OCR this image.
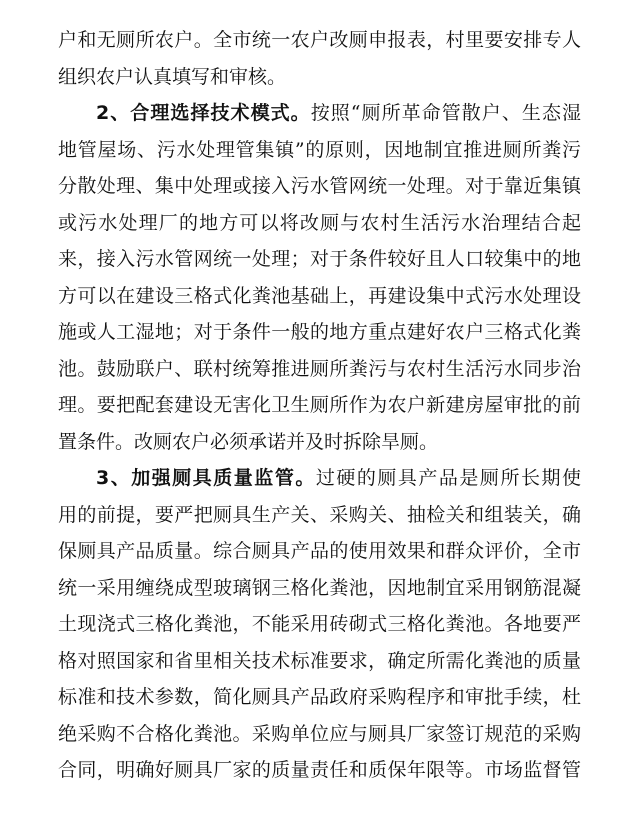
户和无厕所农户。全市统一农户改厕申报表，村里要安排专人
组织农户认真填写和审核。
2、合理选择技术模式。按照“厕所革命管散户、生态湿
地管屋场、污水处理管集镇”的原则，因地制宜推进厕所粪污
分散处理、集中处理或接入污水管网统一处理。对于靠近集镇
或污水处理厂的地方可以将改厕与农村生活污水治理结合起
来，接入污水管网统一处理；对于条件较好且人口较集中的地
方可以在建设三格式化粪池基础上，再建设集中式污水处理设
施或人工湿地；对于条件一般的地方重点建好农户三格式化粪
池。鼓励联户、联村统筹推进厕所粪污与农村生活污水同步治
理。要把配套建设无害化卫生厕所作为农户新建房屋审批的前
置条件。改厕农户必须承诺并及时拆除旱厕。
3、加强厕具质量监管。过硬的厕具产品是厕所长期使
用的前提，要严把厕具生产关、采购关、抽检关和组装关，确
保厕具产品质量。综合厕具产品的使用效果和群众评价，全市
统一采用缠绕成型玻璃钢三格化粪池，因地制宜采用钢筋混凝
土现浇式三格化粪池，不能采用砖砌式三格化粪池。各地要严
格对照国家和省里相关技术标准要求，确定所需化粪池的质量
标准和技术参数，简化厕具产品政府采购程序和审批手续，杜
绝采购不合格化粪池。采购单位应与厕具厂家签订规范的采购
合同，明确好厕具厂家的质量责任和质保年限等。市场监督管
